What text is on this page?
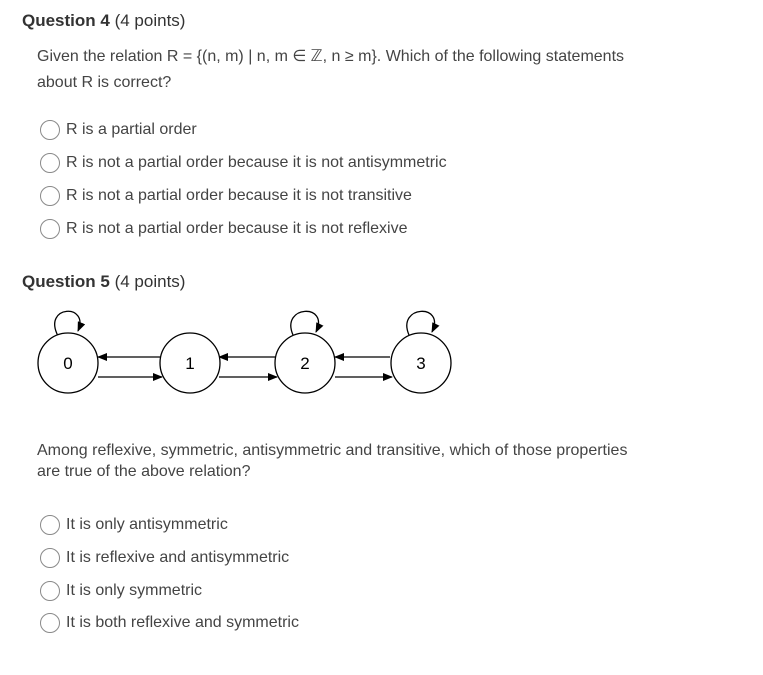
Question 4 (4 points)
Given the relation R = {(n, m) | n, m ∈ ℤ, n ≥ m}. Which of the following statements
about R is correct?
R is a partial order
R is not a partial order because it is not antisymmetric
R is not a partial order because it is not transitive
R is not a partial order because it is not reflexive
Question 5 (4 points)
0	1	2	3
Among reflexive, symmetric, antisymmetric and transitive, which of those properties
are true of the above relation?
It is only antisymmetric
It is reflexive and antisymmetric
It is only symmetric
It is both reflexive and symmetric
